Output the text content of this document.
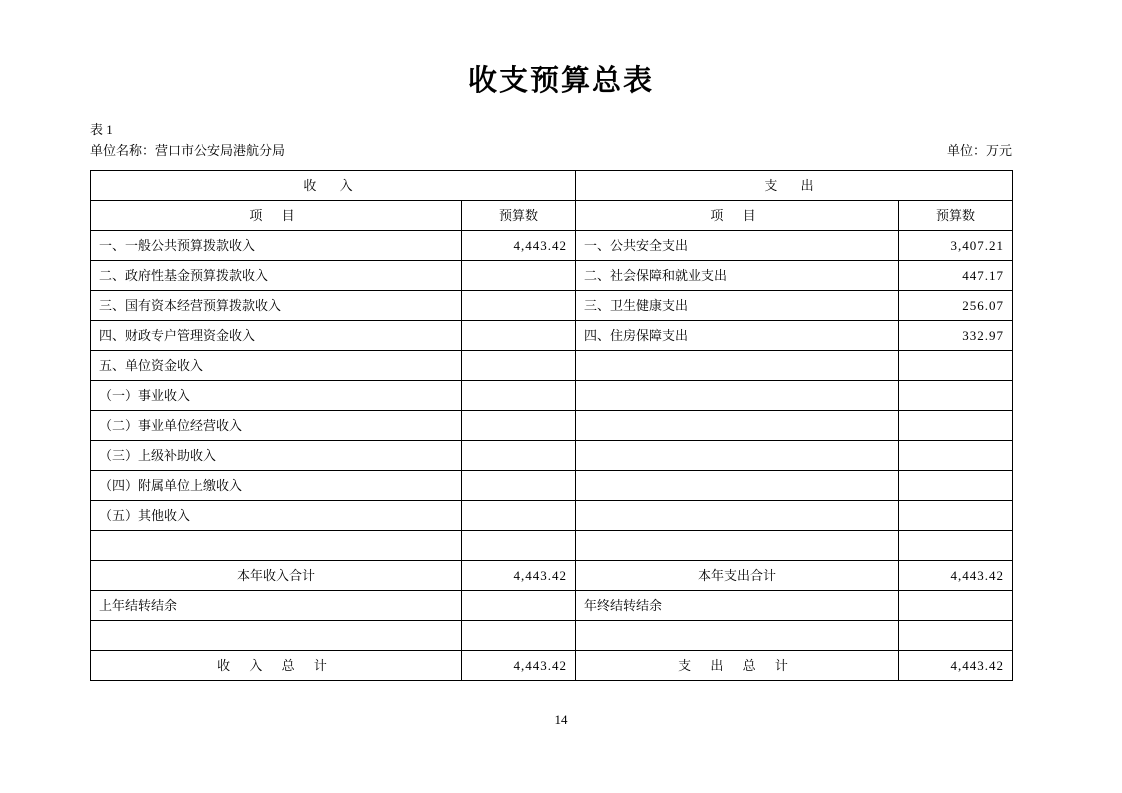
收支预算总表
表 1
单位名称：营口市公安局港航分局	单位：万元
收 入		支 出	
项 目	预算数	项 目	预算数
一、一般公共预算拨款收入	4,443.42	一、公共安全支出	3,407.21
二、政府性基金预算拨款收入		二、社会保障和就业支出	447.17
三、国有资本经营预算拨款收入		三、卫生健康支出	256.07
四、财政专户管理资金收入		四、住房保障支出	332.97
五、单位资金收入			
（一）事业收入			
（二）事业单位经营收入			
（三）上级补助收入			
（四）附属单位上缴收入			
（五）其他收入			

本年收入合计	4,443.42	本年支出合计	4,443.42
上年结转结余		年终结转结余	

收 入 总 计	4,443.42	支 出 总 计	4,443.42
14
